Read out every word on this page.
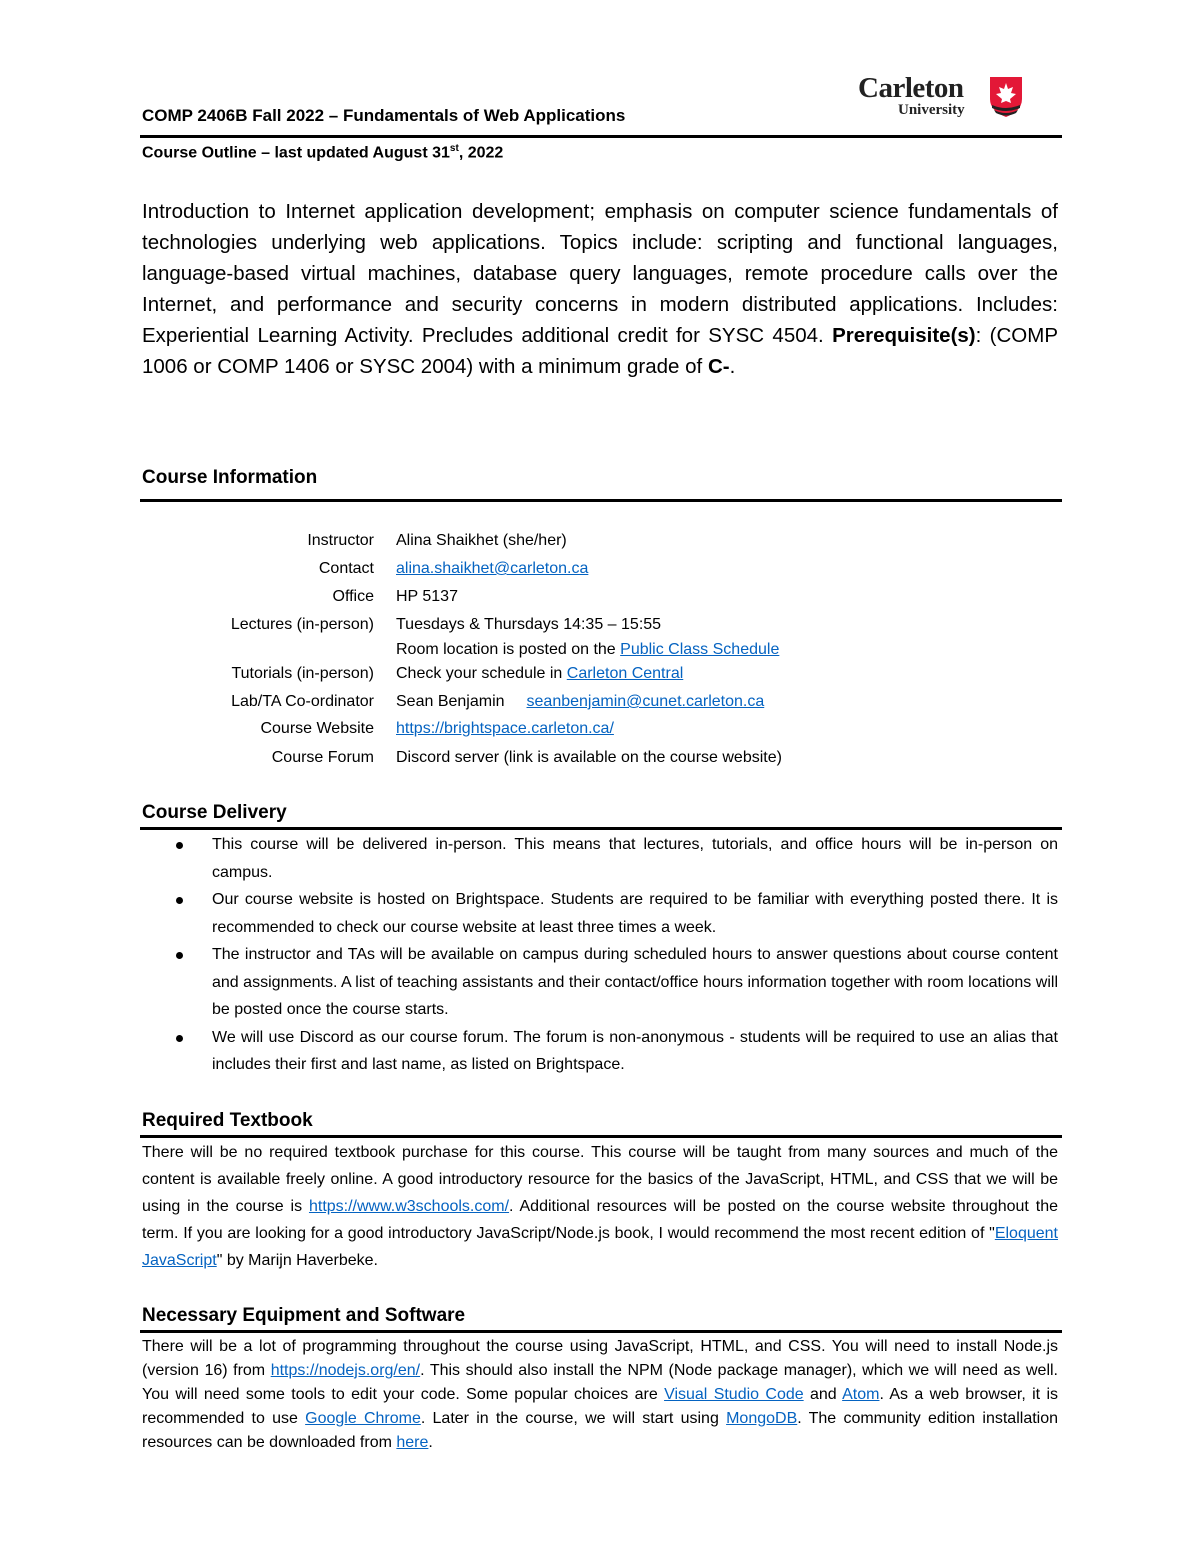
COMP 2406B Fall 2022 – Fundamentals of Web Applications
Carleton
University
Course Outline – last updated August 31st, 2022
Introduction to Internet application development; emphasis on computer science fundamentals of technologies underlying web applications. Topics include: scripting and functional languages, language-based virtual machines, database query languages, remote procedure calls over the Internet, and performance and security concerns in modern distributed applications. Includes: Experiential Learning Activity. Precludes additional credit for SYSC 4504. Prerequisite(s): (COMP 1006 or COMP 1406 or SYSC 2004) with a minimum grade of C-.
Course Information
Instructor Alina Shaikhet (she/her)
Contact alina.shaikhet@carleton.ca
Office HP 5137
Lectures (in-person) Tuesdays & Thursdays 14:35 – 15:55
Room location is posted on the Public Class Schedule
Tutorials (in-person) Check your schedule in Carleton Central
Lab/TA Co-ordinator Sean Benjamin seanbenjamin@cunet.carleton.ca
Course Website https://brightspace.carleton.ca/
Course Forum Discord server (link is available on the course website)
Course Delivery
This course will be delivered in-person. This means that lectures, tutorials, and office hours will be in-person on campus.
Our course website is hosted on Brightspace. Students are required to be familiar with everything posted there. It is recommended to check our course website at least three times a week.
The instructor and TAs will be available on campus during scheduled hours to answer questions about course content and assignments. A list of teaching assistants and their contact/office hours information together with room locations will be posted once the course starts.
We will use Discord as our course forum. The forum is non-anonymous - students will be required to use an alias that includes their first and last name, as listed on Brightspace.
Required Textbook
There will be no required textbook purchase for this course. This course will be taught from many sources and much of the content is available freely online. A good introductory resource for the basics of the JavaScript, HTML, and CSS that we will be using in the course is https://www.w3schools.com/. Additional resources will be posted on the course website throughout the term. If you are looking for a good introductory JavaScript/Node.js book, I would recommend the most recent edition of "Eloquent JavaScript" by Marijn Haverbeke.
Necessary Equipment and Software
There will be a lot of programming throughout the course using JavaScript, HTML, and CSS. You will need to install Node.js (version 16) from https://nodejs.org/en/. This should also install the NPM (Node package manager), which we will need as well. You will need some tools to edit your code. Some popular choices are Visual Studio Code and Atom. As a web browser, it is recommended to use Google Chrome. Later in the course, we will start using MongoDB. The community edition installation resources can be downloaded from here.
